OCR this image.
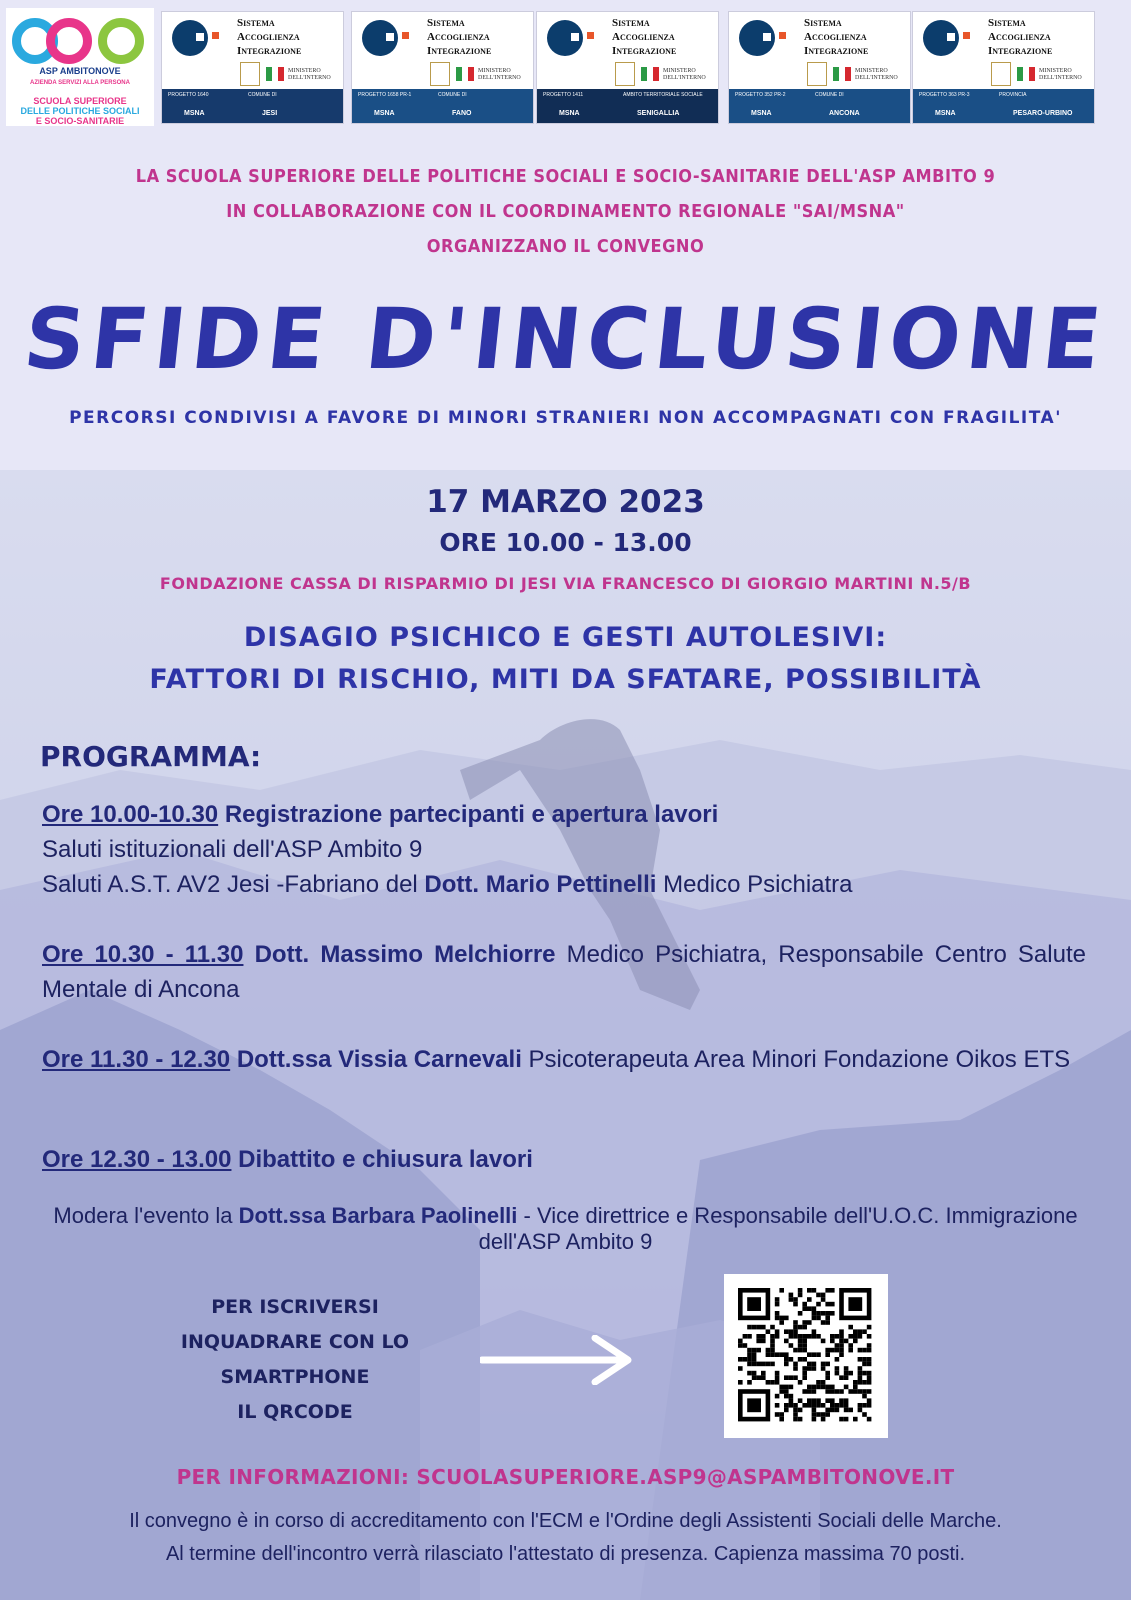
ASP AMBITONOVE
AZIENDA SERVIZI ALLA PERSONA
SCUOLA SUPERIORE
DELLE POLITICHE SOCIALI
E SOCIO-SANITARIE
Sistema
Accoglienza
Integrazione
MINISTERO DELL'INTERNO
PROGETTO 1640	COMUNE DI
MSNA	JESI
Sistema
Accoglienza
Integrazione
MINISTERO DELL'INTERNO
PROGETTO 1658 PR-1	COMUNE DI
MSNA	FANO
Sistema
Accoglienza
Integrazione
MINISTERO DELL'INTERNO
PROGETTO 1411	AMBITO TERRITORIALE SOCIALE
MSNA	SENIGALLIA
Sistema
Accoglienza
Integrazione
MINISTERO DELL'INTERNO
PROGETTO 352 PR-2	COMUNE DI
MSNA	ANCONA
Sistema
Accoglienza
Integrazione
MINISTERO DELL'INTERNO
PROGETTO 363 PR-3	PROVINCIA
MSNA	PESARO-URBINO
LA SCUOLA SUPERIORE DELLE POLITICHE SOCIALI E SOCIO-SANITARIE DELL'ASP AMBITO 9
IN COLLABORAZIONE CON IL COORDINAMENTO REGIONALE "SAI/MSNA"
ORGANIZZANO IL CONVEGNO
SFIDE D'INCLUSIONE
PERCORSI CONDIVISI A FAVORE DI MINORI STRANIERI NON ACCOMPAGNATI CON FRAGILITA'
17 MARZO 2023
ORE 10.00 - 13.00
FONDAZIONE CASSA DI RISPARMIO DI JESI VIA FRANCESCO DI GIORGIO MARTINI N.5/B
DISAGIO PSICHICO E GESTI AUTOLESIVI:
FATTORI DI RISCHIO, MITI DA SFATARE, POSSIBILITÀ
PROGRAMMA:
Ore 10.00-10.30 Registrazione partecipanti e apertura lavori
Saluti istituzionali dell'ASP Ambito 9
Saluti A.S.T. AV2 Jesi -Fabriano del Dott. Mario Pettinelli Medico Psichiatra
Ore 10.30 - 11.30 Dott. Massimo Melchiorre Medico Psichiatra, Responsabile Centro Salute Mentale di Ancona
Ore 11.30 - 12.30 Dott.ssa Vissia Carnevali Psicoterapeuta Area Minori Fondazione Oikos ETS
Ore 12.30 - 13.00 Dibattito e chiusura lavori
Modera l'evento la Dott.ssa Barbara Paolinelli - Vice direttrice e Responsabile dell'U.O.C. Immigrazione dell'ASP Ambito 9
PER ISCRIVERSI
INQUADRARE CON LO
SMARTPHONE
IL QRCODE
PER INFORMAZIONI: SCUOLASUPERIORE.ASP9@ASPAMBITONOVE.IT
Il convegno è in corso di accreditamento con l'ECM e l'Ordine degli Assistenti Sociali delle Marche.
Al termine dell'incontro verrà rilasciato l'attestato di presenza. Capienza massima 70 posti.
